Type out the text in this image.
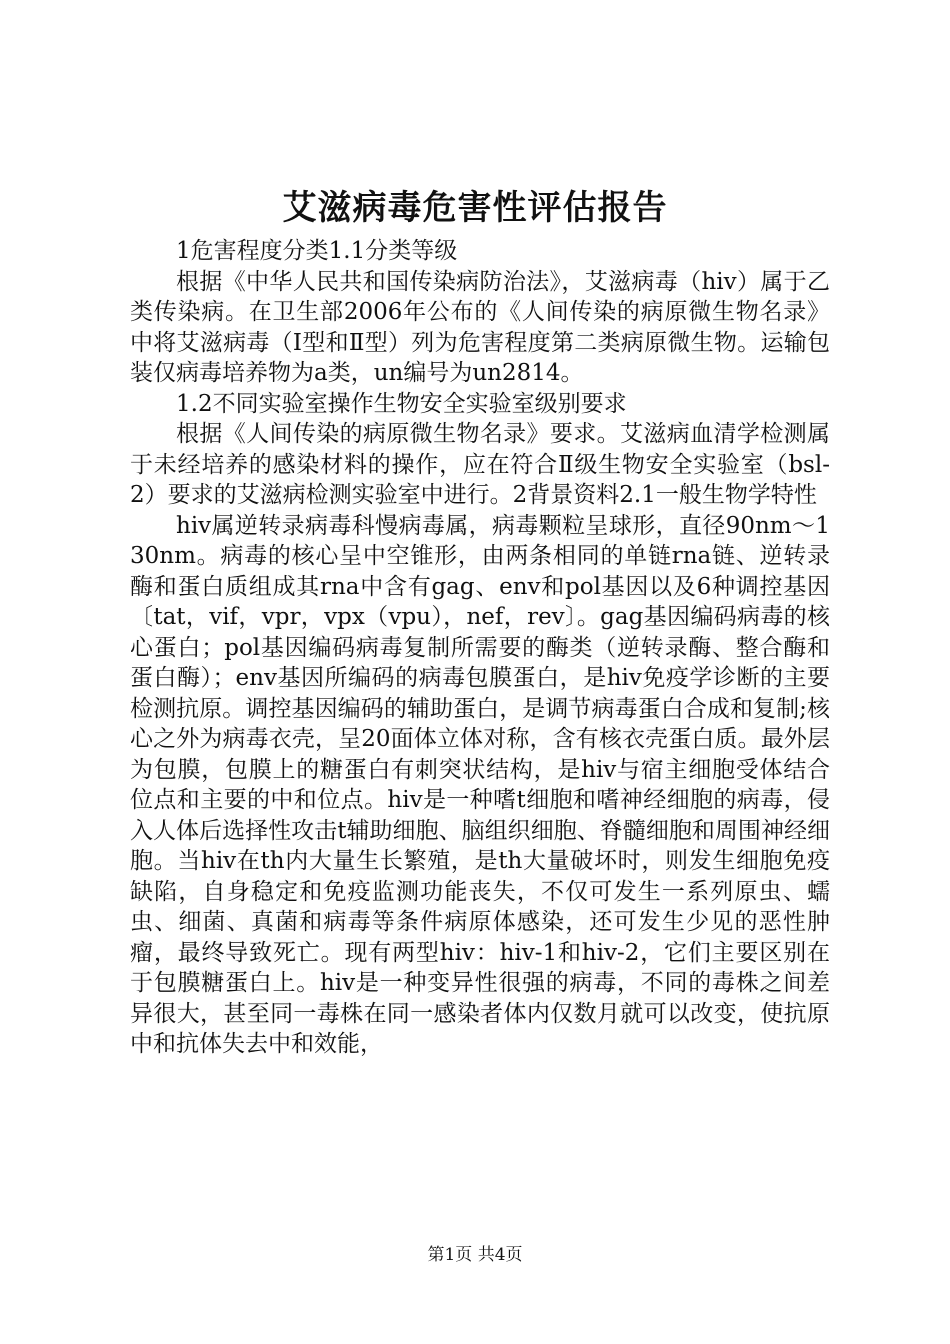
艾滋病毒危害性评估报告

1危害程度分类1.1分类等级

根据《中华人民共和国传染病防治法》，艾滋病毒（hiv）属于乙类传染病。在卫生部2006年公布的《人间传染的病原微生物名录》中将艾滋病毒（Ⅰ型和Ⅱ型）列为危害程度第二类病原微生物。运输包装仅病毒培养物为a类，un编号为un2814。

1.2不同实验室操作生物安全实验室级别要求

根据《人间传染的病原微生物名录》要求。艾滋病血清学检测属于未经培养的感染材料的操作，应在符合Ⅱ级生物安全实验室（bsl-2）要求的艾滋病检测实验室中进行。2背景资料2.1一般生物学特性

hiv属逆转录病毒科慢病毒属，病毒颗粒呈球形，直径90nm～130nm。病毒的核心呈中空锥形，由两条相同的单链rna链、逆转录酶和蛋白质组成其rna中含有gag、env和pol基因以及6种调控基因〔tat，vif，vpr，vpx（vpu），nef，rev〕。gag基因编码病毒的核心蛋白；pol基因编码病毒复制所需要的酶类（逆转录酶、整合酶和蛋白酶）；env基因所编码的病毒包膜蛋白，是hiv免疫学诊断的主要检测抗原。调控基因编码的辅助蛋白，是调节病毒蛋白合成和复制;核心之外为病毒衣壳，呈20面体立体对称，含有核衣壳蛋白质。最外层为包膜，包膜上的糖蛋白有刺突状结构，是hiv与宿主细胞受体结合位点和主要的中和位点。hiv是一种嗜t细胞和嗜神经细胞的病毒，侵入人体后选择性攻击t辅助细胞、脑组织细胞、脊髓细胞和周围神经细胞。当hiv在th内大量生长繁殖，是th大量破坏时，则发生细胞免疫缺陷，自身稳定和免疫监测功能丧失，不仅可发生一系列原虫、蠕虫、细菌、真菌和病毒等条件病原体感染，还可发生少见的恶性肿瘤，最终导致死亡。现有两型hiv：hiv-1和hiv-2，它们主要区别在于包膜糖蛋白上。hiv是一种变异性很强的病毒，不同的毒株之间差异很大，甚至同一毒株在同一感染者体内仅数月就可以改变，使抗原中和抗体失去中和效能，

第1页 共4页
